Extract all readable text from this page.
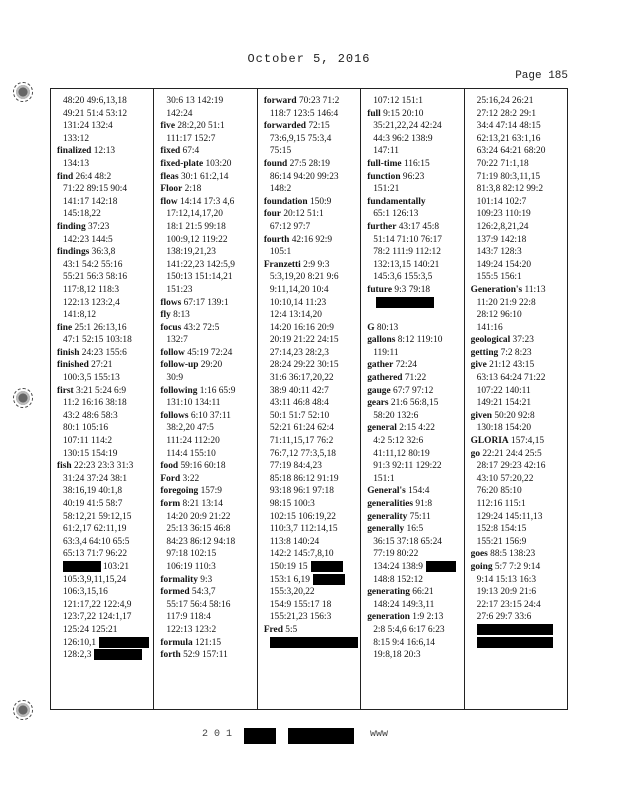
October 5, 2016
Page 185
48:20 49:6,13,18
49:21 51:4 53:12
131:24 132:4
133:12
finalized 12:13
134:13
find 26:4 48:2
71:22 89:15 90:4
141:17 142:18
145:18,22
finding 37:23
142:23 144:5
findings 36:3,8
43:1 54:2 55:16
55:21 56:3 58:16
117:8,12 118:3
122:13 123:2,4
141:8,12
fine 25:1 26:13,16
47:1 52:15 103:18
finish 24:23 155:6
finished 27:21
100:3,5 155:13
first 3:21 5:24 6:9
11:2 16:16 38:18
43:2 48:6 58:3
80:1 105:16
107:11 114:2
130:15 154:19
fish 22:23 23:3 31:3
31:24 37:24 38:1
38:16,19 40:1,8
40:19 41:5 58:7
58:12,21 59:12,15
61:2,17 62:11,19
63:3,4 64:10 65:5
65:13 71:7 96:22
103:21
105:3,9,11,15,24
106:3,15,16
121:17,22 122:4,9
123:7,22 124:1,17
125:24 125:21
126:10,1
128:2,3
30:6 13 142:19
142:24
five 28:2,20 51:1
111:17 152:7
fixed 67:4
fixed-plate 103:20
fleas 30:1 61:2,14
Floor 2:18
flow 14:14 17:3 4,6
17:12,14,17,20
18:1 21:5 99:18
100:9,12 119:22
138:19,21,23
141:22,23 142:5,9
150:13 151:14,21
151:23
flows 67:17 139:1
fly 8:13
focus 43:2 72:5
132:7
follow 45:19 72:24
follow-up 29:20
30:9
following 1:16 65:9
131:10 134:11
follows 6:10 37:11
38:2,20 47:5
111:24 112:20
114:4 155:10
food 59:16 60:18
Ford 3:22
foregoing 157:9
form 8:21 13:14
14:20 20:9 21:22
25:13 36:15 46:8
84:23 86:12 94:18
97:18 102:15
106:19 110:3
formality 9:3
formed 54:3,7
55:17 56:4 58:16
117:9 118:4
122:13 123:2
formula 121:15
forth 52:9 157:11
forward 70:23 71:2
118:7 123:5 146:4
forwarded 72:15
73:6,9,15 75:3,4
75:15
found 27:5 28:19
86:14 94:20 99:23
148:2
foundation 150:9
four 20:12 51:1
67:12 97:7
fourth 42:16 92:9
105:1
Franzetti 2:9 9:3
5:3,19,20 8:21 9:6
9:11,14,20 10:4
10:10,14 11:23
12:4 13:14,20
14:20 16:16 20:9
20:19 21:22 24:15
27:14,23 28:2,3
28:24 29:22 30:15
31:6 36:17,20,22
38:9 40:11 42:7
43:11 46:8 48:4
50:1 51:7 52:10
52:21 61:24 62:4
71:11,15,17 76:2
76:7,12 77:3,5,18
77:19 84:4,23
85:18 86:12 91:19
93:18 96:1 97:18
98:15 100:3
102:15 106:19,22
110:3,7 112:14,15
113:8 140:24
142:2 145:7,8,10
150:19 15
153:1 6,19
155:3,20,22
154:9 155:17 18
155:21,23 156:3
Fred 5:5
107:12 151:1
full 9:15 20:10
35:21,22,24 42:24
44:3 96:2 138:9
147:11
full-time 116:15
function 96:23
151:21
fundamentally
65:1 126:13
further 43:17 45:8
51:14 71:10 76:17
78:2 111:9 112:12
132:13,15 140:21
145:3,6 155:3,5
future 9:3 79:18

G 80:13
gallons 8:12 119:10
119:11
gather 72:24
gathered 71:22
gauge 67:7 97:12
gears 21:6 56:8,15
58:20 132:6
general 2:15 4:22
4:2 5:12 32:6
41:11,12 80:19
91:3 92:11 129:22
151:1
General's 154:4
generalities 91:8
generality 75:11
generally 16:5
36:15 37:18 65:24
77:19 80:22
134:24 138:9
148:8 152:12
generating 66:21
148:24 149:3,11
generation 1:9 2:13
2:8 5:4,6 6:17 6:23
8:15 9:4 16:6,14
19:8,18 20:3
25:16,24 26:21
27:12 28:2 29:1
34:4 47:14 48:15
62:13,21 63:1,16
63:24 64:21 68:20
70:22 71:1,18
71:19 80:3,11,15
81:3,8 82:12 99:2
101:14 102:7
109:23 110:19
126:2,8,21,24
137:9 142:18
143:7 128:3
149:24 154:20
155:5 156:1
Generation's 11:13
11:20 21:9 22:8
28:12 96:10
141:16
geological 37:23
getting 7:2 8:23
give 21:12 43:15
63:13 64:24 71:22
107:22 140:11
149:21 154:21
given 50:20 92:8
130:18 154:20
GLORIA 157:4,15
go 22:21 24:4 25:5
28:17 29:23 42:16
43:10 57:20,22
76:20 85:10
112:16 115:1
129:24 145:11,13
152:8 154:15
155:21 156:9
goes 88:5 138:23
going 5:7 7:2 9:14
9:14 15:13 16:3
19:13 20:9 21:6
22:17 23:15 24:4
27:6 29:7 33:6

2 0 1	www
